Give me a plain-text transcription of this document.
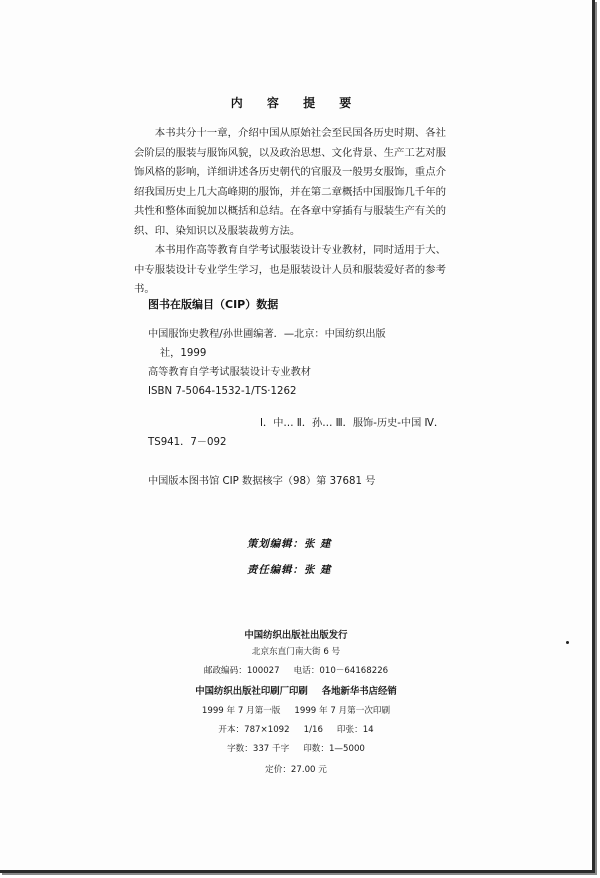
内 容 提 要

本书共分十一章，介绍中国从原始社会至民国各历史时期、各社会阶层的服装与服饰风貌，以及政治思想、文化背景、生产工艺对服饰风格的影响，详细讲述各历史朝代的官服及一般男女服饰，重点介绍我国历史上几大高峰期的服饰，并在第二章概括中国服饰几千年的共性和整体面貌加以概括和总结。在各章中穿插有与服装生产有关的织、印、染知识以及服装裁剪方法。

本书用作高等教育自学考试服装设计专业教材，同时适用于大、中专服装设计专业学生学习，也是服装设计人员和服装爱好者的参考书。

图书在版编目（CIP）数据
中国服饰史教程/孙世圃编著．—北京：中国纺织出版
社，1999
高等教育自学考试服装设计专业教材
ISBN 7-5064-1532-1/TS·1262
Ⅰ．中… Ⅱ．孙… Ⅲ．服饰-历史-中国 Ⅳ．
TS941．7－092
中国版本图书馆 CIP 数据核字（98）第 37681 号
策划编辑：张 建
责任编辑：张 建
中国纺织出版社出版发行
北京东直门南大街 6 号
邮政编码：100027 电话：010－64168226
中国纺织出版社印刷厂印刷 各地新华书店经销
1999 年 7 月第一版 1999 年 7 月第一次印刷
开本：787×1092 1/16 印张：14
字数：337 千字 印数：1—5000
定价：27.00 元
